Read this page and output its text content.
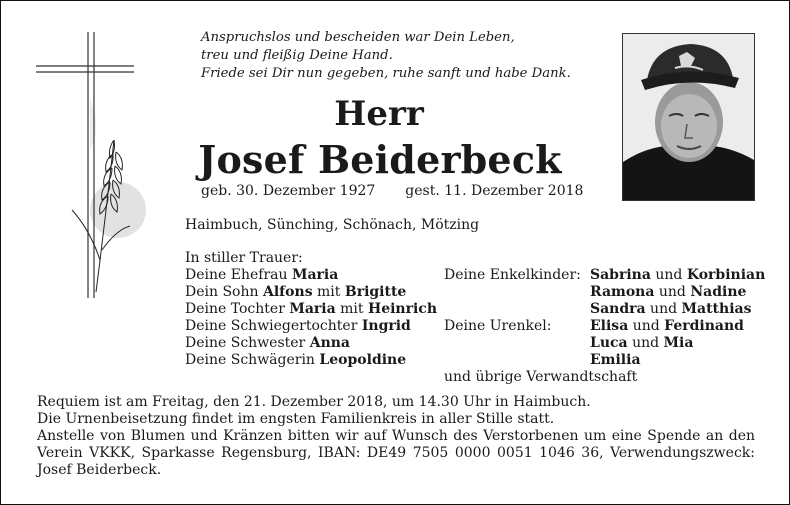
Anspruchslos und bescheiden war Dein Leben,
treu und fleißig Deine Hand.
Friede sei Dir nun gegeben, ruhe sanft und habe Dank.
Herr
Josef Beiderbeck
geb. 30. Dezember 1927 gest. 11. Dezember 2018
Haimbuch, Sünching, Schönach, Mötzing
In stiller Trauer:
Deine Ehefrau Maria
Dein Sohn Alfons mit Brigitte
Deine Tochter Maria mit Heinrich
Deine Schwiegertochter Ingrid
Deine Schwester Anna
Deine Schwägerin Leopoldine
Deine Enkelkinder: Sabrina und Korbinian
Ramona und Nadine
Sandra und Matthias
Deine Urenkel:	Elisa und Ferdinand
Luca und Mia
Emilia
und übrige Verwandtschaft

Requiem ist am Freitag, den 21. Dezember 2018, um 14.30 Uhr in Haimbuch.

Die Urnenbeisetzung findet im engsten Familienkreis in aller Stille statt.

Anstelle von Blumen und Kränzen bitten wir auf Wunsch des Verstorbenen um eine Spende an den Verein VKKK, Sparkasse Regensburg, IBAN: DE49 7505 0000 0051 1046 36, Verwendungszweck: Josef Beiderbeck.
